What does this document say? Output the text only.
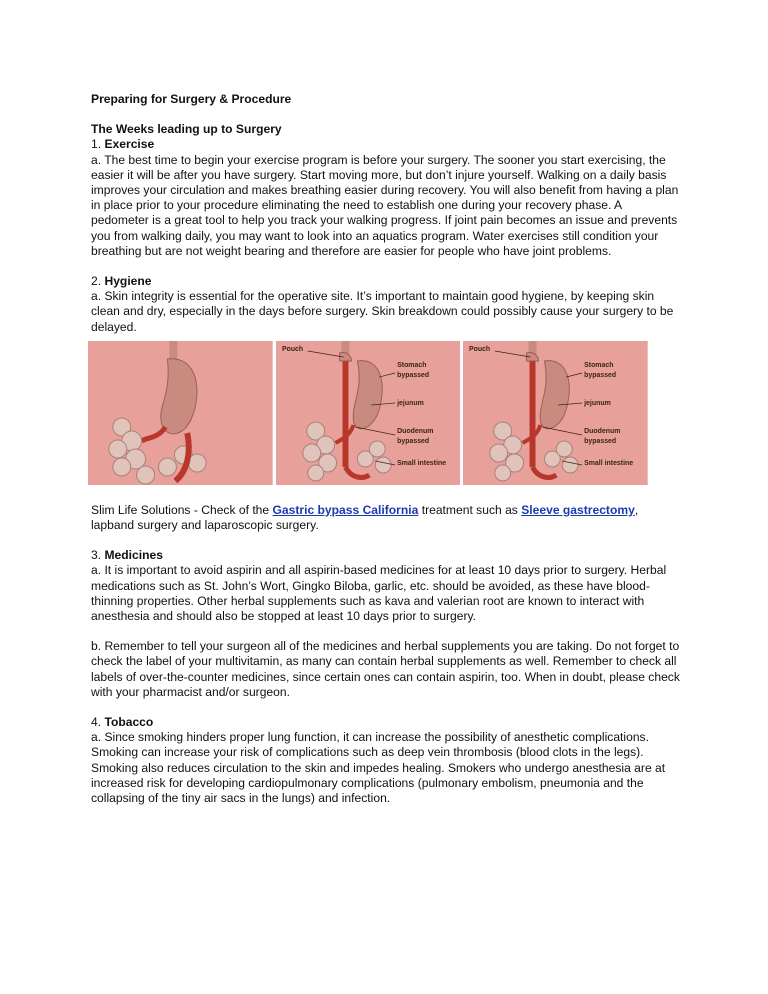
Preparing for Surgery & Procedure

The Weeks leading up to Surgery

1. Exercise

a. The best time to begin your exercise program is before your surgery. The sooner you start exercising, the easier it will be after you have surgery. Start moving more, but don’t injure yourself. Walking on a daily basis improves your circulation and makes breathing easier during recovery. You will also benefit from having a plan in place prior to your procedure eliminating the need to establish one during your recovery phase. A pedometer is a great tool to help you track your walking progress. If joint pain becomes an issue and prevents you from walking daily, you may want to look into an aquatics program. Water exercises still condition your breathing but are not weight bearing and therefore are easier for people who have joint problems.

2. Hygiene

a. Skin integrity is essential for the operative site. It’s important to maintain good hygiene, by keeping skin clean and dry, especially in the days before surgery. Skin breakdown could possibly cause your surgery to be delayed.

Pouch
Stomach
bypassed
jejunum
Duodenum
bypassed
Small intestine
Pouch
Stomach
bypassed
jejunum
Duodenum
bypassed
Small intestine

Slim Life Solutions - Check of the Gastric bypass California treatment such as Sleeve gastrectomy, lapband surgery and laparoscopic surgery.

3. Medicines

a. It is important to avoid aspirin and all aspirin-based medicines for at least 10 days prior to surgery. Herbal medications such as St. John’s Wort, Gingko Biloba, garlic, etc. should be avoided, as these have blood-thinning properties. Other herbal supplements such as kava and valerian root are known to interact with anesthesia and should also be stopped at least 10 days prior to surgery.

b. Remember to tell your surgeon all of the medicines and herbal supplements you are taking. Do not forget to check the label of your multivitamin, as many can contain herbal supplements as well. Remember to check all labels of over-the-counter medicines, since certain ones can contain aspirin, too. When in doubt, please check with your pharmacist and/or surgeon.

4. Tobacco

a. Since smoking hinders proper lung function, it can increase the possibility of anesthetic complications. Smoking can increase your risk of complications such as deep vein thrombosis (blood clots in the legs). Smoking also reduces circulation to the skin and impedes healing. Smokers who undergo anesthesia are at increased risk for developing cardiopulmonary complications (pulmonary embolism, pneumonia and the collapsing of the tiny air sacs in the lungs) and infection.
